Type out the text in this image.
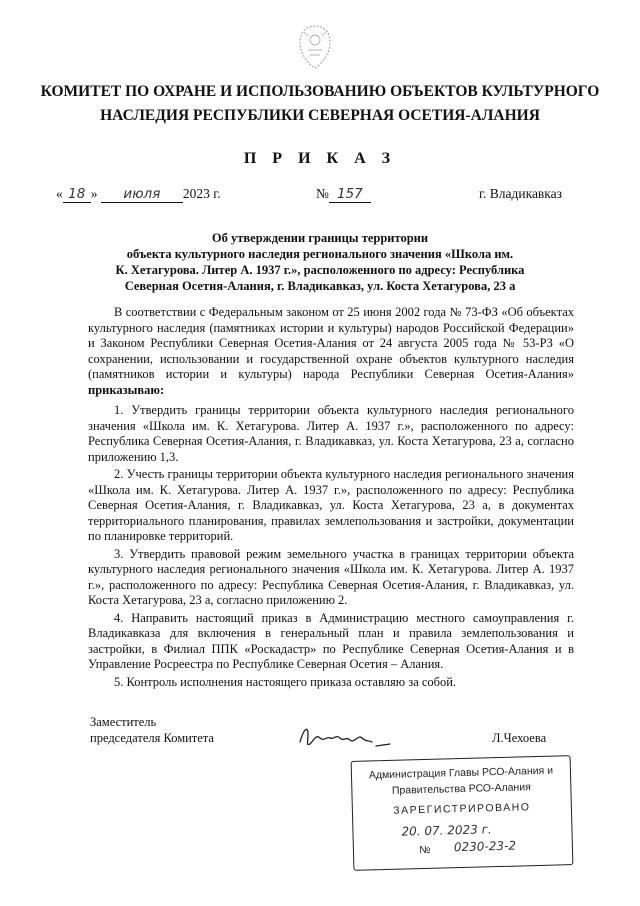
КОМИТЕТ ПО ОХРАНЕ И ИСПОЛЬЗОВАНИЮ ОБЪЕКТОВ КУЛЬТУРНОГО
НАСЛЕДИЯ РЕСПУБЛИКИ СЕВЕРНАЯ ОСЕТИЯ-АЛАНИЯ
П Р И К А З
« 18 » июля 2023 г.	№ 157	г. Владикавказ
Об утверждении границы территории
объекта культурного наследия регионального значения «Школа им.
К. Хетагурова. Литер А. 1937 г.», расположенного по адресу: Республика
Северная Осетия-Алания, г. Владикавказ, ул. Коста Хетагурова, 23 а

В соответствии с Федеральным законом от 25 июня 2002 года № 73-ФЗ «Об объектах культурного наследия (памятниках истории и культуры) народов Российской Федерации» и Законом Республики Северная Осетия-Алания от 24 августа 2005 года № 53-РЗ «О сохранении, использовании и государственной охране объектов культурного наследия (памятников истории и культуры) народа Республики Северная Осетия-Алания» приказываю:

1. Утвердить границы территории объекта культурного наследия регионального значения «Школа им. К. Хетагурова. Литер А. 1937 г.», расположенного по адресу: Республика Северная Осетия-Алания, г. Владикавказ, ул. Коста Хетагурова, 23 а, согласно приложению 1,3.

2. Учесть границы территории объекта культурного наследия регионального значения «Школа им. К. Хетагурова. Литер А. 1937 г.», расположенного по адресу: Республика Северная Осетия-Алания, г. Владикавказ, ул. Коста Хетагурова, 23 а, в документах территориального планирования, правилах землепользования и застройки, документации по планировке территорий.

3. Утвердить правовой режим земельного участка в границах территории объекта культурного наследия регионального значения «Школа им. К. Хетагурова. Литер А. 1937 г.», расположенного по адресу: Республика Северная Осетия-Алания, г. Владикавказ, ул. Коста Хетагурова, 23 а, согласно приложению 2.

4. Направить настоящий приказ в Администрацию местного самоуправления г. Владикавказа для включения в генеральный план и правила землепользования и застройки, в Филиал ППК «Роскадастр» по Республике Северная Осетия-Алания и в Управление Росреестра по Республике Северная Осетия – Алания.

5. Контроль исполнения настоящего приказа оставляю за собой.

Заместитель
председателя Комитета	Л.Чехоева
Администрация Главы РСО-Алания и
Правительства РСО-Алания
ЗАРЕГИСТРИРОВАНО
20. 07. 2023 г.
№	0230-23-2
